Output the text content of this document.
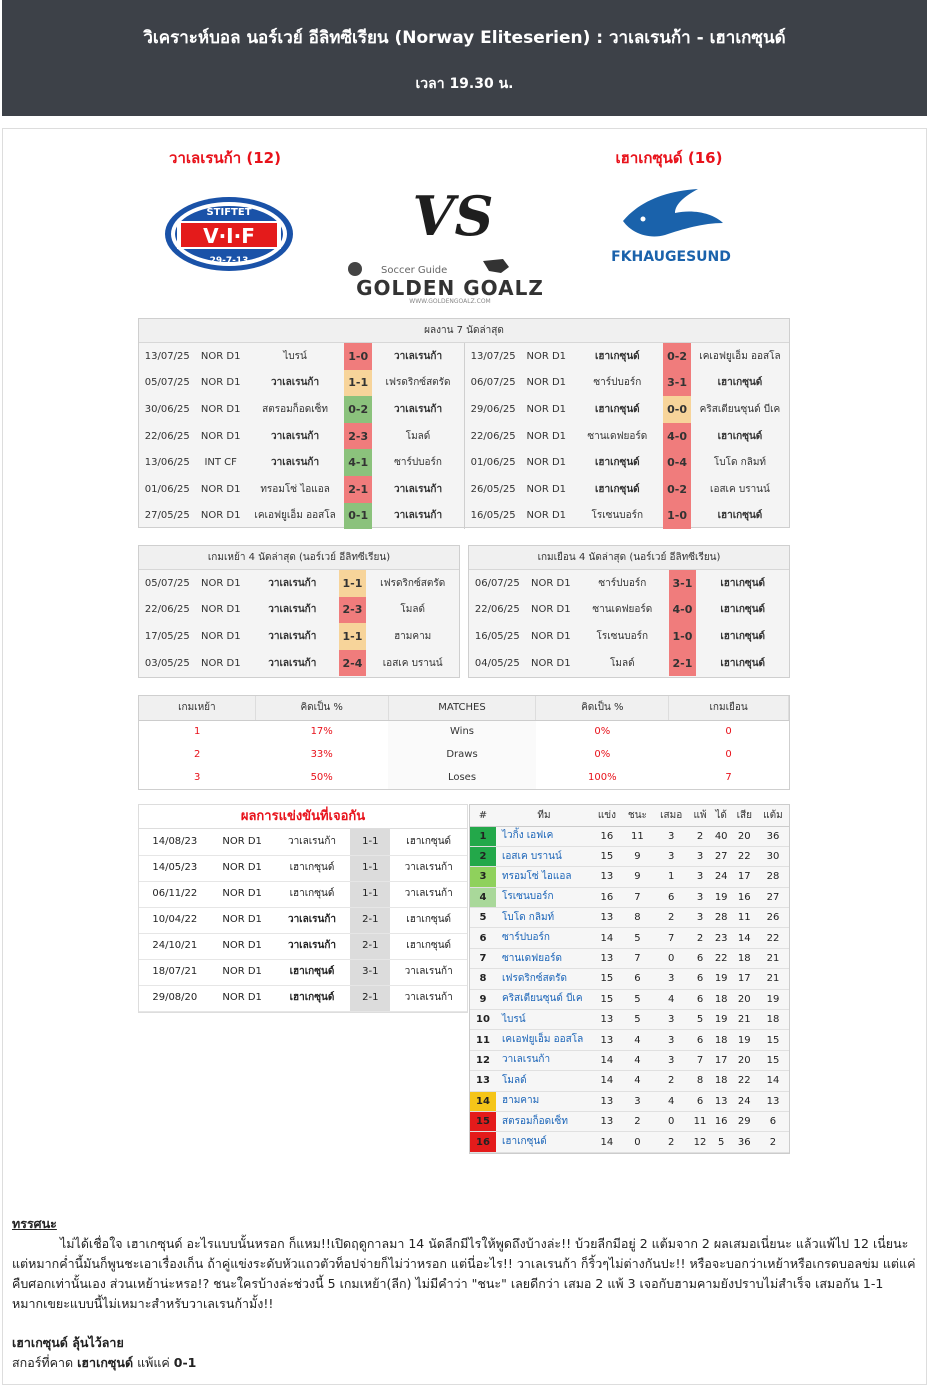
วิเคราะห์บอล นอร์เวย์ อีลิทซีเรียน (Norway Eliteserien) : วาเลเรนก้า - เฮาเกซุนด์
เวลา 19.30 น.
วาเลเรนก้า (12)	เฮาเกซุนด์ (16)
STIFTET
V·I·F
29-7-13
VS
Soccer Guide
GOLDEN GOALZ
WWW.GOLDENGOALZ.COM
FKHAUGESUND
ผลงาน 7 นัดล่าสุด
13/07/25	NOR D1	ไบรน์	1-0	วาเลเรนก้า
05/07/25	NOR D1	วาเลเรนก้า	1-1	เฟรดริกซ์สตรัด
30/06/25	NOR D1	สตรอมก็อดเซ็ท	0-2	วาเลเรนก้า
22/06/25	NOR D1	วาเลเรนก้า	2-3	โมลด์
13/06/25	INT CF	วาเลเรนก้า	4-1	ซาร์ปบอร์ก
01/06/25	NOR D1	ทรอมโซ่ ไอแอล	2-1	วาเลเรนก้า
27/05/25	NOR D1	เคเอฟยูเอ็ม ออสโล	0-1	วาเลเรนก้า
13/07/25	NOR D1	เฮาเกซุนด์	0-2	เคเอฟยูเอ็ม ออสโล
06/07/25	NOR D1	ซาร์ปบอร์ก	3-1	เฮาเกซุนด์
29/06/25	NOR D1	เฮาเกซุนด์	0-0	คริสเตียนซุนด์ บีเค
22/06/25	NOR D1	ซานเดฟยอร์ด	4-0	เฮาเกซุนด์
01/06/25	NOR D1	เฮาเกซุนด์	0-4	โบโด กลิมท์
26/05/25	NOR D1	เฮาเกซุนด์	0-2	เอสเค บรานน์
16/05/25	NOR D1	โรเซนบอร์ก	1-0	เฮาเกซุนด์
เกมเหย้า 4 นัดล่าสุด (นอร์เวย์ อีลิทซีเรียน)
05/07/25	NOR D1	วาเลเรนก้า	1-1	เฟรดริกซ์สตรัด
22/06/25	NOR D1	วาเลเรนก้า	2-3	โมลด์
17/05/25	NOR D1	วาเลเรนก้า	1-1	ฮามคาม
03/05/25	NOR D1	วาเลเรนก้า	2-4	เอสเค บรานน์
เกมเยือน 4 นัดล่าสุด (นอร์เวย์ อีลิทซีเรียน)
06/07/25	NOR D1	ซาร์ปบอร์ก	3-1	เฮาเกซุนด์
22/06/25	NOR D1	ซานเดฟยอร์ด	4-0	เฮาเกซุนด์
16/05/25	NOR D1	โรเซนบอร์ก	1-0	เฮาเกซุนด์
04/05/25	NOR D1	โมลด์	2-1	เฮาเกซุนด์
เกมเหย้า	คิดเป็น %	MATCHES	คิดเป็น %	เกมเยือน
1	17%	Wins	0%	0
2	33%	Draws	0%	0
3	50%	Loses	100%	7
ผลการแข่งขันที่เจอกัน
14/08/23	NOR D1	วาเลเรนก้า	1-1	เฮาเกซุนด์
14/05/23	NOR D1	เฮาเกซุนด์	1-1	วาเลเรนก้า
06/11/22	NOR D1	เฮาเกซุนด์	1-1	วาเลเรนก้า
10/04/22	NOR D1	วาเลเรนก้า	2-1	เฮาเกซุนด์
24/10/21	NOR D1	วาเลเรนก้า	2-1	เฮาเกซุนด์
18/07/21	NOR D1	เฮาเกซุนด์	3-1	วาเลเรนก้า
29/08/20	NOR D1	เฮาเกซุนด์	2-1	วาเลเรนก้า
#	ทีม	แข่ง	ชนะ	เสมอ	แพ้	ได้	เสีย	แต้ม
1	ไวกิ้ง เอฟเค	16	11	3	2	40	20	36
2	เอสเค บรานน์	15	9	3	3	27	22	30
3	ทรอมโซ่ ไอแอล	13	9	1	3	24	17	28
4	โรเซนบอร์ก	16	7	6	3	19	16	27
5	โบโด กลิมท์	13	8	2	3	28	11	26
6	ซาร์ปบอร์ก	14	5	7	2	23	14	22
7	ซานเดฟยอร์ด	13	7	0	6	22	18	21
8	เฟรดริกซ์สตรัด	15	6	3	6	19	17	21
9	คริสเตียนซุนด์ บีเค	15	5	4	6	18	20	19
10	ไบรน์	13	5	3	5	19	21	18
11	เคเอฟยูเอ็ม ออสโล	13	4	3	6	18	19	15
12	วาเลเรนก้า	14	4	3	7	17	20	15
13	โมลด์	14	4	2	8	18	22	14
14	ฮามคาม	13	3	4	6	13	24	13
15	สตรอมก็อดเซ็ท	13	2	0	11	16	29	6
16	เฮาเกซุนด์	14	0	2	12	5	36	2
ทรรศนะ
ไม่ได้เชื่อใจ เฮาเกซุนด์ อะไรแบบนั้นหรอก ก็แหม!!เปิดฤดูกาลมา 14 นัดลีกมีไรให้พูดถึงบ้างล่ะ!! บ้วยลีกมีอยู่ 2 แต้มจาก 2 ผลเสมอเนี่ยนะ แล้วแพ้ไป 12 เนี่ยนะ แต่หมากค่ำนี้มันก็พูนชะเอาเรื่องเก็น ถ้าคู่แข่งระดับหัวแถวตัวท็อปจ่ายก็ไม่ว่าหรอก แต่นี่อะไร!! วาเลเรนก้า ก็ริ้วๆไม่ต่างกันปะ!! หรือจะบอกว่าเหย้าหรือเกรดบอลข่ม แต่แค่คืบศอกเท่านั้นเอง ส่วนเหย้าน่ะหรอ!? ชนะใครบ้างล่ะช่วงนี้ 5 เกมเหย้า(ลีก) ไม่มีคำว่า "ชนะ" เลยดีกว่า เสมอ 2 แพ้ 3 เจอกับฮามคามยังปราบไม่สำเร็จ เสมอกัน 1-1 หมากเขยะแบบนี้ไม่เหมาะสำหรับวาเลเรนก้ามั้ง!!
เฮาเกซุนด์ ลุ้นไว้ลาย
สกอร์ที่คาด เฮาเกซุนด์ แพ้แค่ 0-1
